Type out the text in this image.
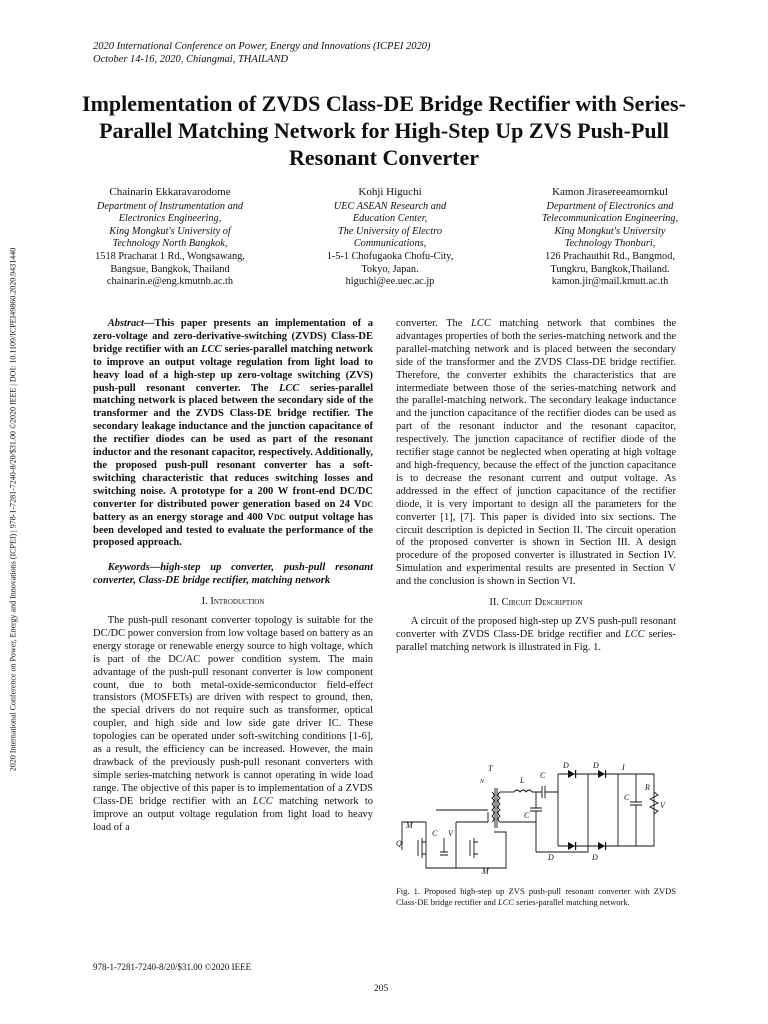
2020 International Conference on Power, Energy and Innovations (ICPEI 2020)
October 14-16, 2020, Chiangmai, THAILAND
Implementation of ZVDS Class-DE Bridge Rectifier with Series-Parallel Matching Network for High-Step Up ZVS Push-Pull Resonant Converter
Chainarin Ekkaravarodome
Department of Instrumentation and
Electronics Engineering,
King Mongkut's University of
Technology North Bangkok,
1518 Pracharat 1 Rd., Wongsawang,
Bangsue, Bangkok, Thailand
chainarin.e@eng.kmutnb.ac.th
Kohji Higuchi
UEC ASEAN Research and
Education Center,
The University of Electro
Communications,
1-5-1 Chofugaoka Chofu-City,
Tokyo, Japan.
higuchi@ee.uec.ac.jp
Kamon Jirasereeamornkul
Department of Electronics and
Telecommunication Engineering,
King Mongkut's University
Technology Thonburi,
126 Prachauthit Rd., Bangmod,
Tungkru, Bangkok,Thailand.
kamon.jir@mail.kmutt.ac.th
2020 International Conference on Power, Energy and Innovations (ICPEI) | 978-1-7281-7240-8/20/$31.00 ©2020 IEEE | DOI: 10.1109/ICPEI49860.2020.9431440	Abstract—This paper presents an implementation of a zero-voltage and zero-derivative-switching (ZVDS) Class-DE bridge rectifier with an LCC series-parallel matching network to improve an output voltage regulation from light load to heavy load of a high-step up zero-voltage switching (ZVS) push-pull resonant converter. The LCC series-parallel matching network is placed between the secondary side of the transformer and the ZVDS Class-DE bridge rectifier. The secondary leakage inductance and the junction capacitance of the rectifier diodes can be used as part of the resonant inductor and the resonant capacitor, respectively. Additionally, the proposed push-pull resonant converter has a soft-switching characteristic that reduces switching losses and switching noise. A prototype for a 200 W front-end DC/DC converter for distributed power generation based on 24 VDC battery as an energy storage and 400 VDC output voltage has been developed and tested to evaluate the performance of the proposed approach.

Keywords—high-step up converter, push-pull resonant converter, Class-DE bridge rectifier, matching network

I. Introduction

The push-pull resonant converter topology is suitable for the DC/DC power conversion from low voltage based on battery as an energy storage or renewable energy source to high voltage, which is part of the DC/AC power condition system. The main advantage of the push-pull resonant converter is low component count, due to both metal-oxide-semiconductor field-effect transistors (MOSFETs) are driven with respect to ground, then, the special drivers do not require such as transformer, optical coupler, and high side and low side gate driver IC. These topologies can be operated under soft-switching conditions [1-6], as a result, the efficiency can be increased. However, the main drawback of the previously push-pull resonant converters with simple series-matching network is cannot operating in wide load range. The objective of this paper is to implementation of a ZVDS Class-DE bridge rectifier with an LCC matching network to improve an output voltage regulation from light load to heavy load of a

converter. The LCC matching network that combines the advantages properties of both the series-matching network and the parallel-matching network and is placed between the secondary side of the transformer and the ZVDS Class-DE bridge rectifier. Therefore, the converter exhibits the characteristics that are intermediate between those of the series-matching network and the parallel-matching network. The secondary leakage inductance and the junction capacitance of the rectifier diodes can be used as part of the resonant inductor and the resonant capacitor, respectively. The junction capacitance of rectifier diode of the rectifier stage cannot be neglected when operating at high voltage and high-frequency, because the effect of the junction capacitance is to decrease the resonant current and output voltage. As addressed in the effect of junction capacitance of the rectifier diode, it is very important to design all the parameters for the converter [1], [7]. This paper is divided into six sections. The circuit description is depicted in Section II. The circuit operation of the proposed converter is shown in Section III. A design procedure of the proposed converter is illustrated in Section IV. Simulation and experimental results are presented in Section V and the conclusion is shown in Section VI.

II. Circuit Description

A circuit of the proposed high-step up ZVS push-pull resonant converter with ZVDS Class-DE bridge rectifier and LCC series-parallel matching network is illustrated in Fig. 1.

T
N	L
C
D	D	I
C
R
V
M
M
Q
C V
C
D	D
Fig. 1. Proposed high-step up ZVS push-pull resonant converter with ZVDS Class-DE bridge rectifier and LCC series-parallel matching network.
978-1-7281-7240-8/20/$31.00 ©2020 IEEE
205
